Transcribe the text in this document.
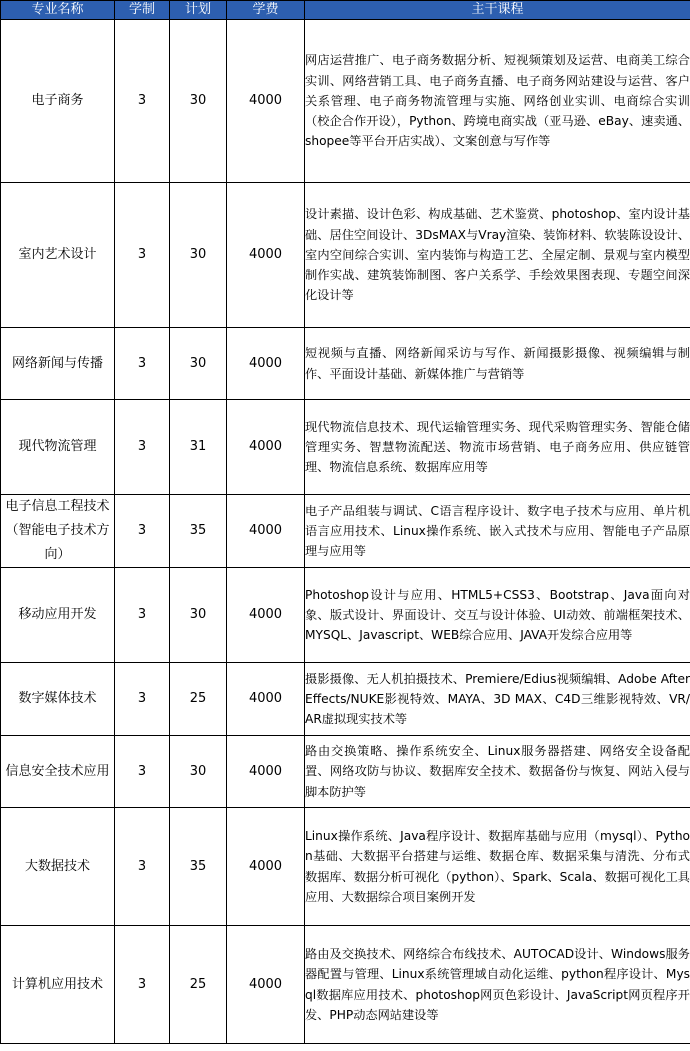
专业名称	学制	计划	学费	主干课程
电子商务	3	30	4000	网店运营推广、电子商务数据分析、短视频策划及运营、电商美工综合实训、网络营销工具、电子商务直播、电子商务网站建设与运营、客户关系管理、电子商务物流管理与实施、网络创业实训、电商综合实训（校企合作开设），Python、跨境电商实战（亚马逊、eBay、速卖通、shopee等平台开店实战）、文案创意与写作等
室内艺术设计	3	30	4000	设计素描、设计色彩、构成基础、艺术鉴赏、photoshop、室内设计基础、居住空间设计、3DsMAX与Vray渲染、装饰材料、软装陈设设计、室内空间综合实训、室内装饰与构造工艺、全屋定制、景观与室内模型制作实战、建筑装饰制图、客户关系学、手绘效果图表现、专题空间深化设计等
网络新闻与传播	3	30	4000	短视频与直播、网络新闻采访与写作、新闻摄影摄像、视频编辑与制作、平面设计基础、新媒体推广与营销等
现代物流管理	3	31	4000	现代物流信息技术、现代运输管理实务、现代采购管理实务、智能仓储管理实务、智慧物流配送、物流市场营销、电子商务应用、供应链管理、物流信息系统、数据库应用等
电子信息工程技术（智能电子技术方向）	3	35	4000	电子产品组装与调试、C语言程序设计、数字电子技术与应用、单片机语言应用技术、Linux操作系统、嵌入式技术与应用、智能电子产品原理与应用等
移动应用开发	3	30	4000	Photoshop设计与应用、HTML5+CSS3、Bootstrap、Java面向对象、版式设计、界面设计、交互与设计体验、UI动效、前端框架技术、MYSQL、Javascript、WEB综合应用、JAVA开发综合应用等
数字媒体技术	3	25	4000	摄影摄像、无人机拍摄技术、Premiere/Edius视频编辑、Adobe After Effects/NUKE影视特效、MAYA、3D MAX、C4D三维影视特效、VR/AR虚拟现实技术等
信息安全技术应用	3	30	4000	路由交换策略、操作系统安全、Linux服务器搭建、网络安全设备配置、网络攻防与协议、数据库安全技术、数据备份与恢复、网站入侵与脚本防护等
大数据技术	3	35	4000	Linux操作系统、Java程序设计、数据库基础与应用（mysql）、Python基础、大数据平台搭建与运维、数据仓库、数据采集与清洗、分布式数据库、数据分析可视化（python）、Spark、Scala、数据可视化工具应用、大数据综合项目案例开发
计算机应用技术	3	25	4000	路由及交换技术、网络综合布线技术、AUTOCAD设计、Windows服务器配置与管理、Linux系统管理域自动化运维、python程序设计、Mysql数据库应用技术、photoshop网页色彩设计、JavaScript网页程序开发、PHP动态网站建设等
